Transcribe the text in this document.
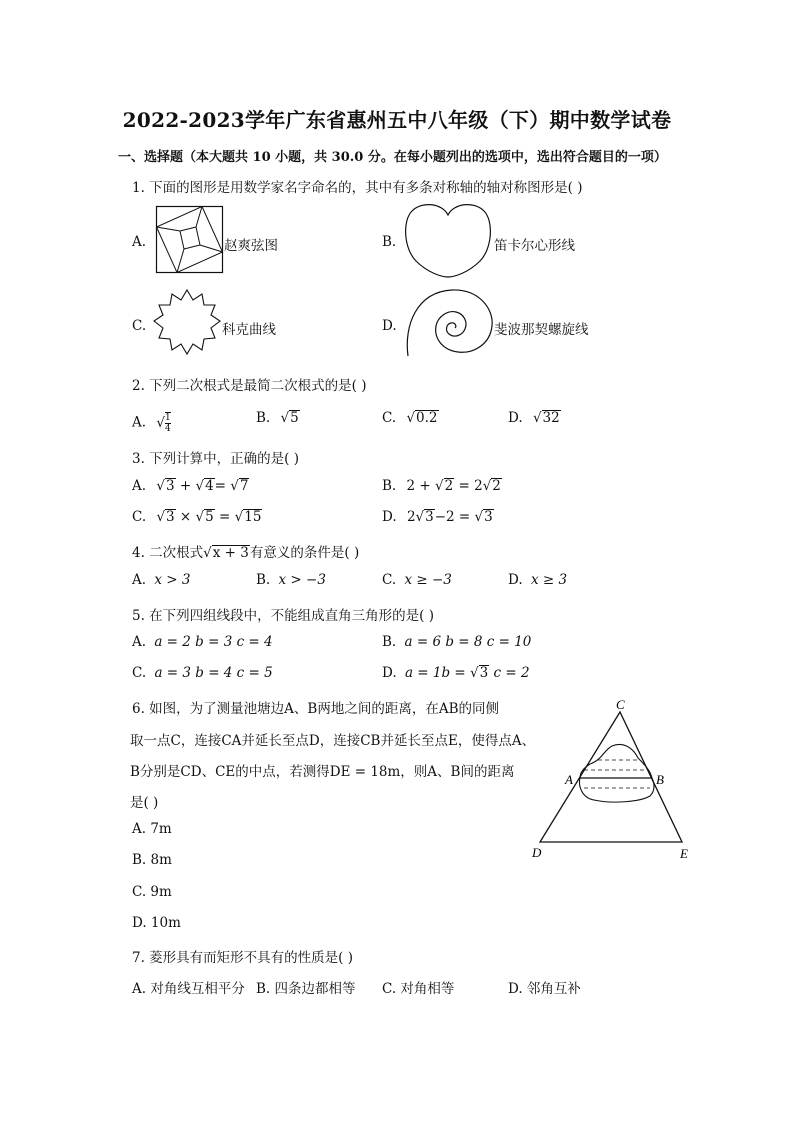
2022-2023学年广东省惠州五中八年级（下）期中数学试卷
一、选择题（本大题共 10 小题，共 30.0 分。在每小题列出的选项中，选出符合题目的一项）
1. 下面的图形是用数学家名字命名的，其中有多条对称轴的轴对称图形是( )
A.	赵爽弦图	B.	笛卡尔心形线
C.	科克曲线	D.	斐波那契螺旋线
2. 下列二次根式是最简二次根式的是( )
A. √ $\frac{1}{4}$	B. √5	C. √0.2	D. √32
3. 下列计算中，正确的是( )
A. √3 + √4= √7	B. 2 + √2 = 2√2
C. √3 × √5 = √15	D. 2√3−2 = √3
4. 二次根式√x + 3有意义的条件是( )
A. x > 3	B. x > −3	C. x ≥ −3	D. x ≥ 3
5. 在下列四组线段中，不能组成直角三角形的是( )
A. a = 2 b = 3 c = 4	B. a = 6 b = 8 c = 10
C. a = 3 b = 4 c = 5	D. a = 1b = √3 c = 2
6. 如图，为了测量池塘边A、B两地之间的距离，在AB的同侧
取一点C，连接CA并延长至点D，连接CB并延长至点E，使得点A、
B分别是CD、CE的中点，若测得DE = 18m，则A、B间的距离
是( )
A. 7m
B. 8m
C. 9m
D. 10m
C
A	B
D	E
7. 菱形具有而矩形不具有的性质是( )
A. 对角线互相平分 B. 四条边都相等 C. 对角相等	D. 邻角互补
